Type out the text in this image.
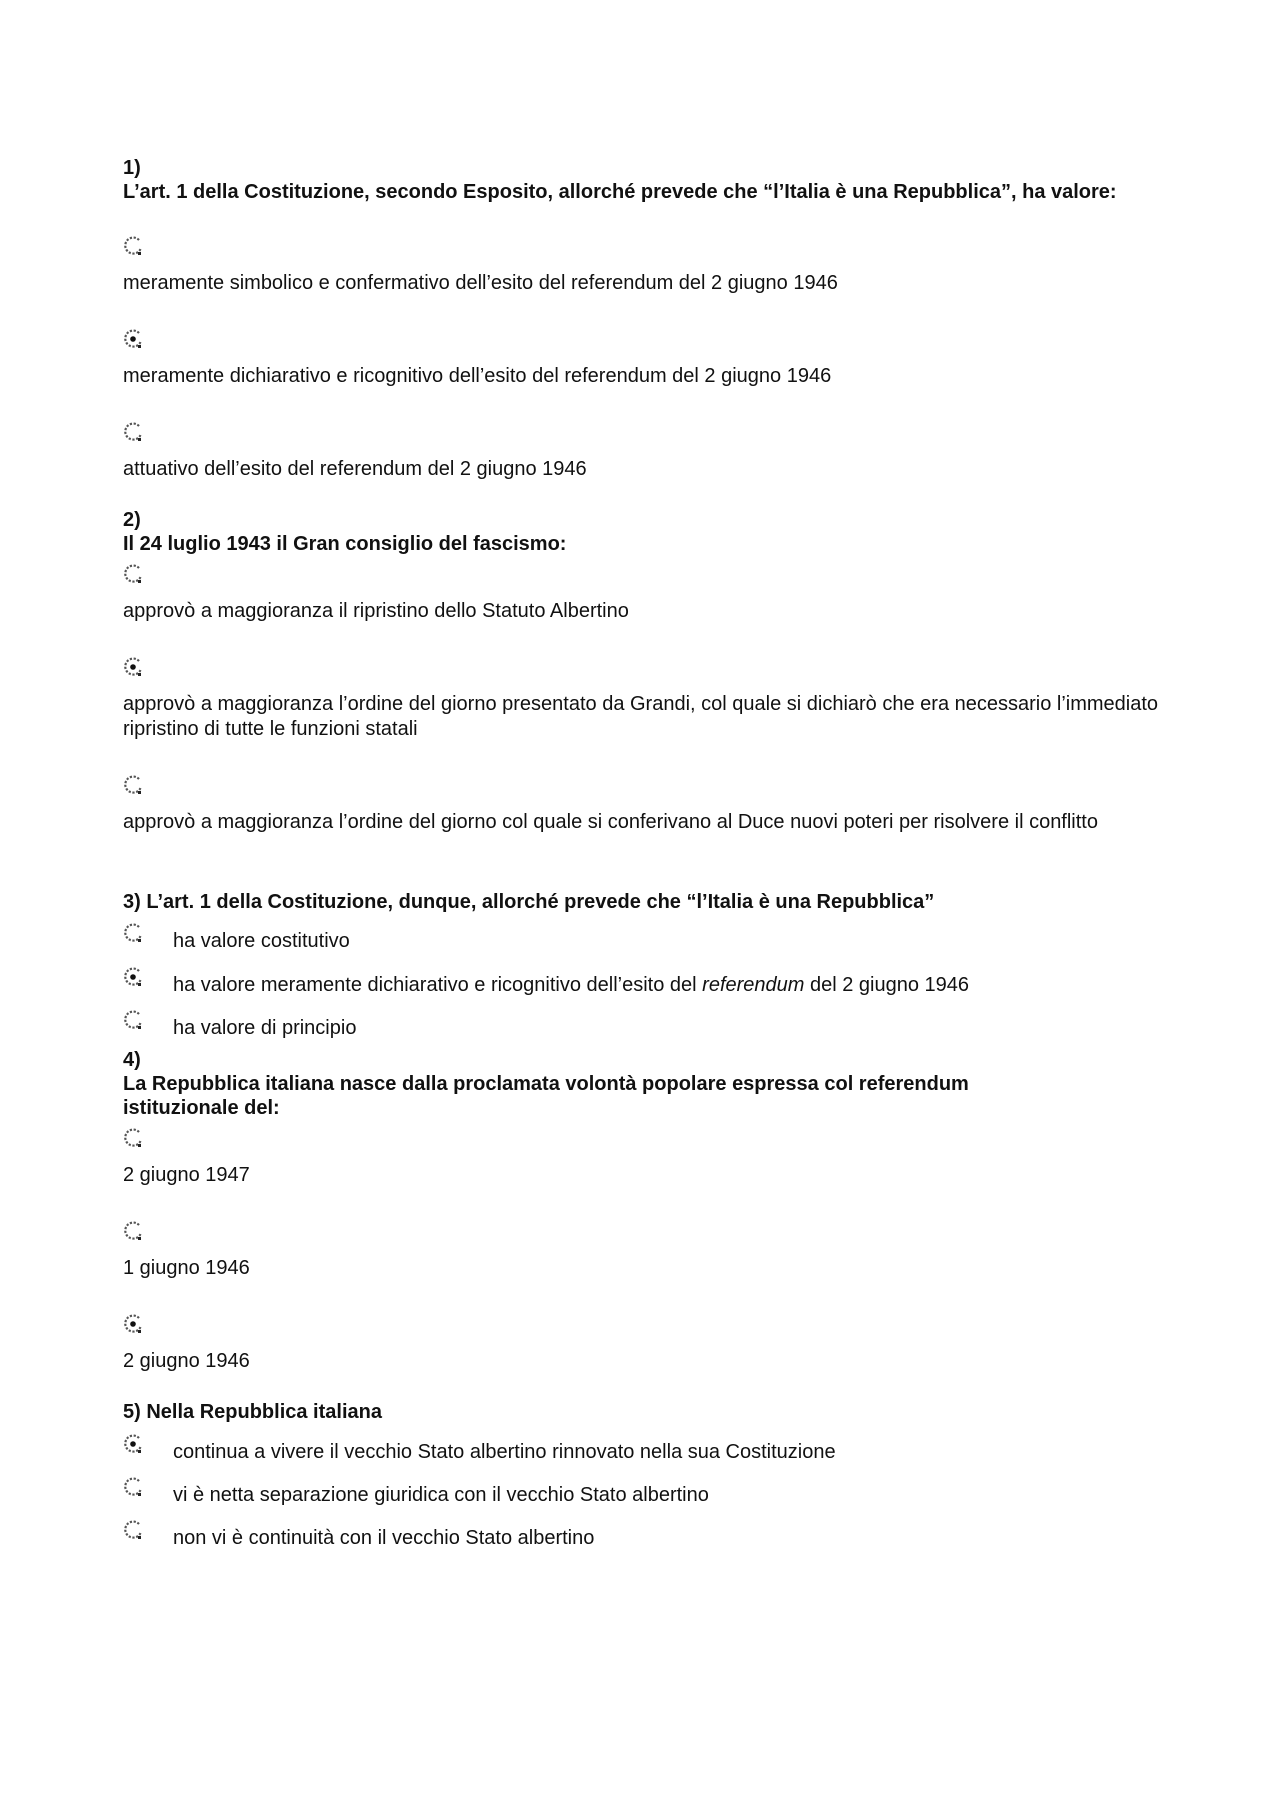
1)
L’art. 1 della Costituzione, secondo Esposito, allorché prevede che “l’Italia è una Repubblica”, ha valore:
meramente simbolico e confermativo dell’esito del referendum del 2 giugno 1946
meramente dichiarativo e ricognitivo dell’esito del referendum del 2 giugno 1946
attuativo dell’esito del referendum del 2 giugno 1946
2)
Il 24 luglio 1943 il Gran consiglio del fascismo:
approvò a maggioranza il ripristino dello Statuto Albertino
approvò a maggioranza l’ordine del giorno presentato da Grandi, col quale si dichiarò che era necessario l’immediato ripristino di tutte le funzioni statali
approvò a maggioranza l’ordine del giorno col quale si conferivano al Duce nuovi poteri per risolvere il conflitto
3) L’art. 1 della Costituzione, dunque, allorché prevede che “l’Italia è una Repubblica”
ha valore costitutivo
ha valore meramente dichiarativo e ricognitivo dell’esito del referendum del 2 giugno 1946
ha valore di principio
4)
La Repubblica italiana nasce dalla proclamata volontà popolare espressa col referendum istituzionale del:
2 giugno 1947
1 giugno 1946
2 giugno 1946
5) Nella Repubblica italiana
continua a vivere il vecchio Stato albertino rinnovato nella sua Costituzione
vi è netta separazione giuridica con il vecchio Stato albertino
non vi è continuità con il vecchio Stato albertino
